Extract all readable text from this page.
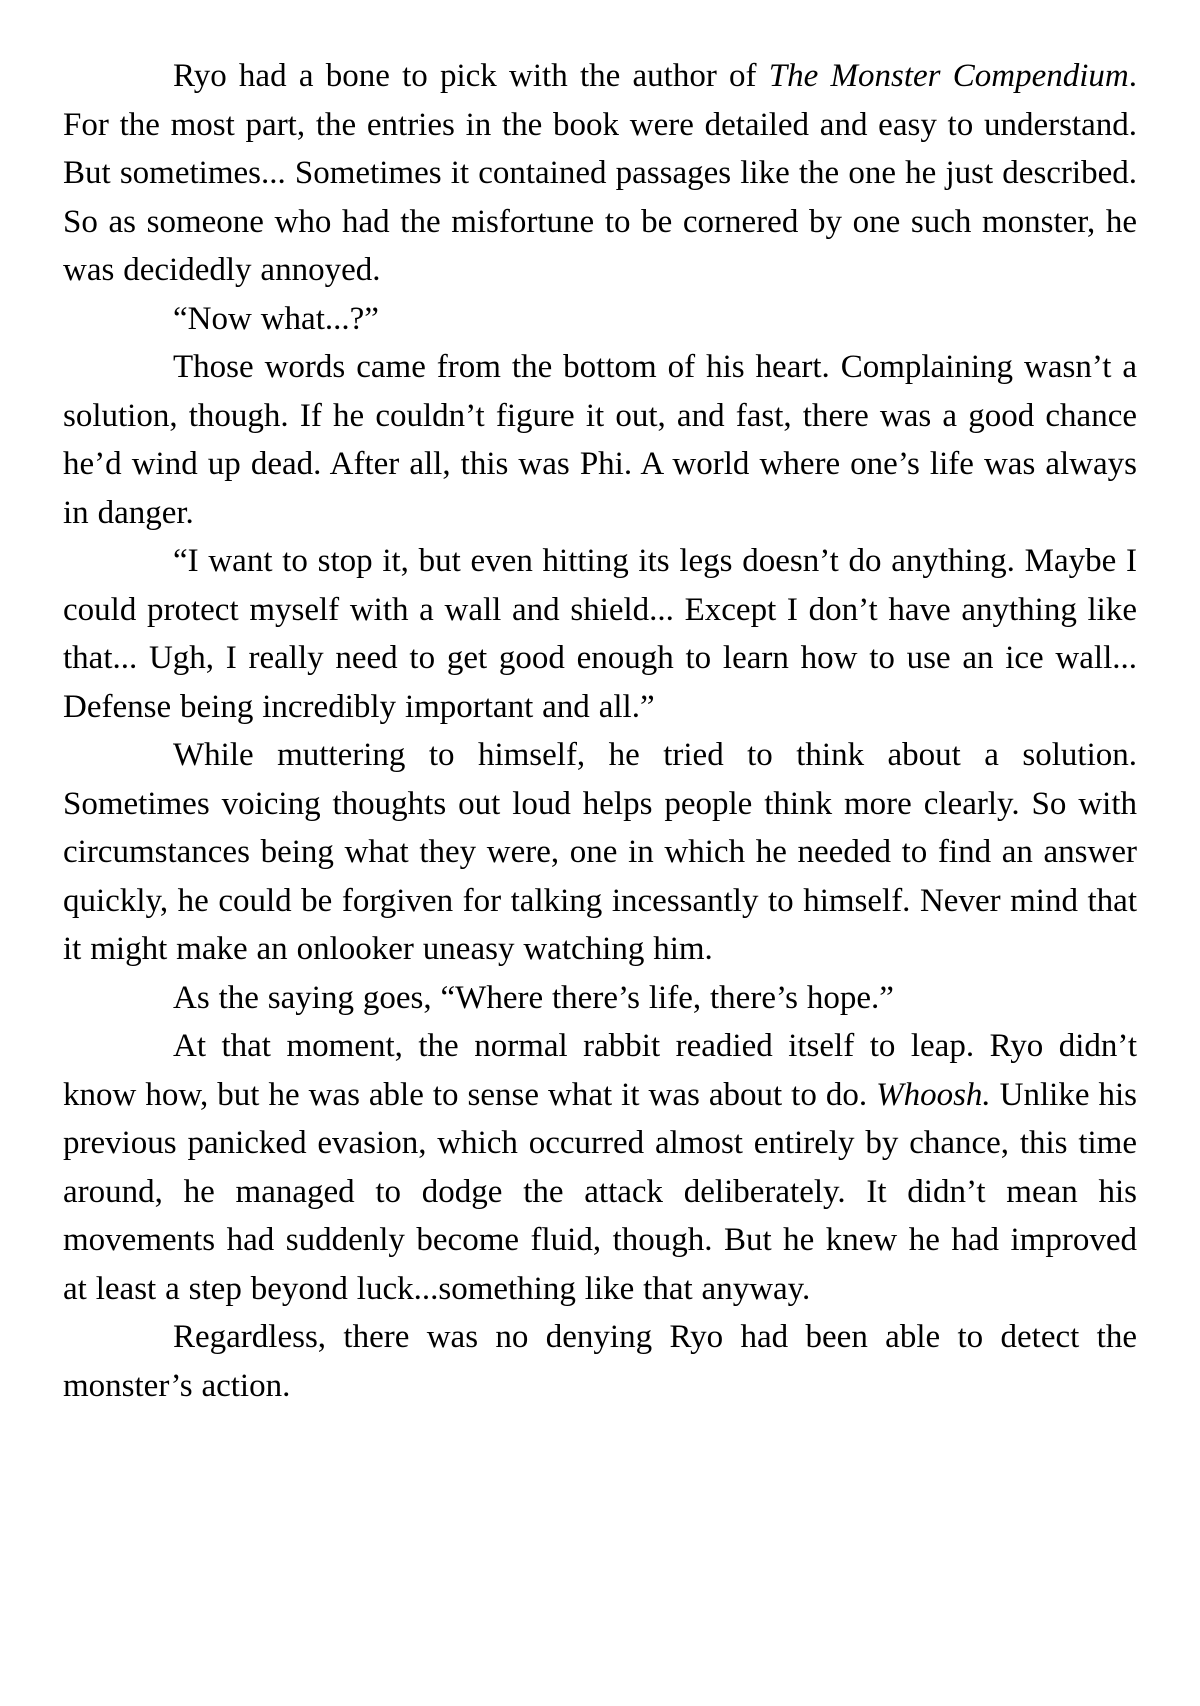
Ryo had a bone to pick with the author of The Monster Compendium. For the most part, the entries in the book were detailed and easy to understand. But sometimes... Sometimes it contained passages like the one he just described. So as someone who had the misfortune to be cornered by one such monster, he was decidedly annoyed.

“Now what...?”

Those words came from the bottom of his heart. Complaining wasn’t a solution, though. If he couldn’t figure it out, and fast, there was a good chance he’d wind up dead. After all, this was Phi. A world where one’s life was always in danger.

“I want to stop it, but even hitting its legs doesn’t do anything. Maybe I could protect myself with a wall and shield... Except I don’t have anything like that... Ugh, I really need to get good enough to learn how to use an ice wall... Defense being incredibly important and all.”

While muttering to himself, he tried to think about a solution. Sometimes voicing thoughts out loud helps people think more clearly. So with circumstances being what they were, one in which he needed to find an answer quickly, he could be forgiven for talking incessantly to himself. Never mind that it might make an onlooker uneasy watching him.

As the saying goes, “Where there’s life, there’s hope.”

At that moment, the normal rabbit readied itself to leap. Ryo didn’t know how, but he was able to sense what it was about to do. Whoosh. Unlike his previous panicked evasion, which occurred almost entirely by chance, this time around, he managed to dodge the attack deliberately. It didn’t mean his movements had suddenly become fluid, though. But he knew he had improved at least a step beyond luck...something like that anyway.

Regardless, there was no denying Ryo had been able to detect the monster’s action.
